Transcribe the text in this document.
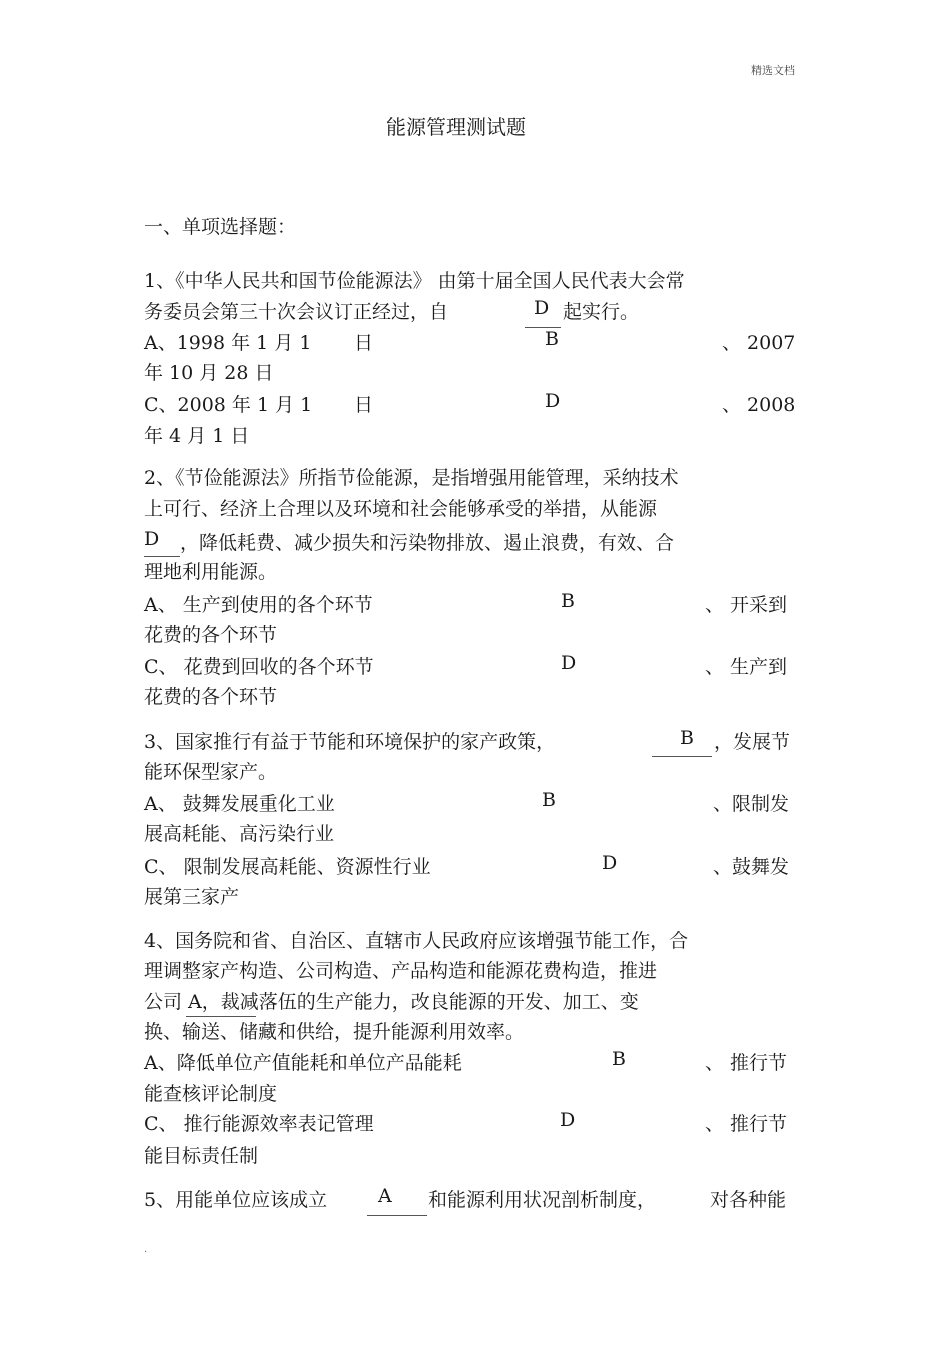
精选文档
能源管理测试题
一、单项选择题：
1、《中华人民共和国节俭能源法》 由第十届全国人民代表大会常
务委员会第三十次会议订正经过，自	D 起实行。
A、1998 年 1 月 1 日	B	、 2007
年 10 月 28 日
C、2008 年 1 月 1 日	D	、 2008
年 4 月 1 日
2、《节俭能源法》所指节俭能源，是指增强用能管理，采纳技术
上可行、经济上合理以及环境和社会能够承受的举措，从能源
D ，降低耗费、减少损失和污染物排放、遏止浪费，有效、合
理地利用能源。
A、 生产到使用的各个环节	B	、 开采到
花费的各个环节
C、 花费到回收的各个环节	D	、 生产到
花费的各个环节
3、国家推行有益于节能和环境保护的家产政策，	B ，发展节
能环保型家产。
A、 鼓舞发展重化工业	B	、限制发
展高耗能、高污染行业
C、 限制发展高耗能、资源性行业	D	、鼓舞发
展第三家产
4、国务院和省、自治区、直辖市人民政府应该增强节能工作，合
理调整家产构造、公司构造、产品构造和能源花费构造，推进
公司 A，裁减落伍的生产能力，改良能源的开发、加工、变
换、输送、储藏和供给，提升能源利用效率。
A、降低单位产值能耗和单位产品能耗	B	、 推行节
能查核评论制度
C、 推行能源效率表记管理	D	、 推行节
能目标责任制
5、用能单位应该成立	A 和能源利用状况剖析制度，	对各种能
.
